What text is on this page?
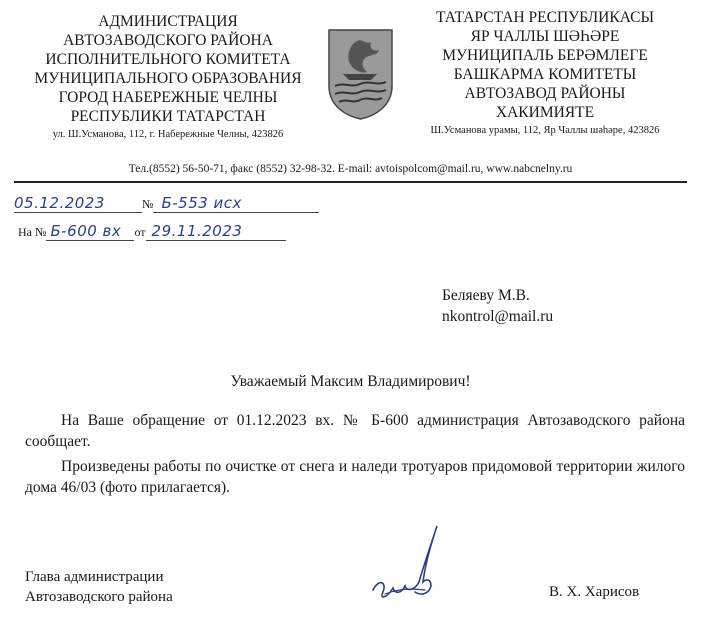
АДМИНИСТРАЦИЯ
АВТОЗАВОДСКОГО РАЙОНА
ИСПОЛНИТЕЛЬНОГО КОМИТЕТА
МУНИЦИПАЛЬНОГО ОБРАЗОВАНИЯ
ГОРОД НАБЕРЕЖНЫЕ ЧЕЛНЫ
РЕСПУБЛИКИ ТАТАРСТАН
ул. Ш.Усманова, 112, г. Набережные Челны, 423826
ТАТАРСТАН РЕСПУБЛИКАСЫ
ЯР ЧАЛЛЫ ШӘҺӘРЕ
МУНИЦИПАЛЬ БЕРӘМЛЕГЕ
БАШКАРМА КОМИТЕТЫ
АВТОЗАВОД РАЙОНЫ
ХАКИМИЯТЕ
Ш.Усманова урамы, 112, Яр Чаллы шәһәре, 423826
Тел.(8552) 56-50-71, факс (8552) 32-98-32. E-mail: avtoispolcom@mail.ru, www.nabcnelny.ru
05.12.2023	№ Б-553 исх
На № Б-600 вх от 29.11.2023
Беляеву М.В.
nkontrol@mail.ru
Уважаемый Максим Владимирович!
На Ваше обращение от 01.12.2023 вх. № Б-600 администрация Автозаводского района сообщает.
Произведены работы по очистке от снега и наледи тротуаров придомовой территории жилого дома 46/03 (фото прилагается).
Глава администрации
Автозаводского района	В. Х. Харисов
